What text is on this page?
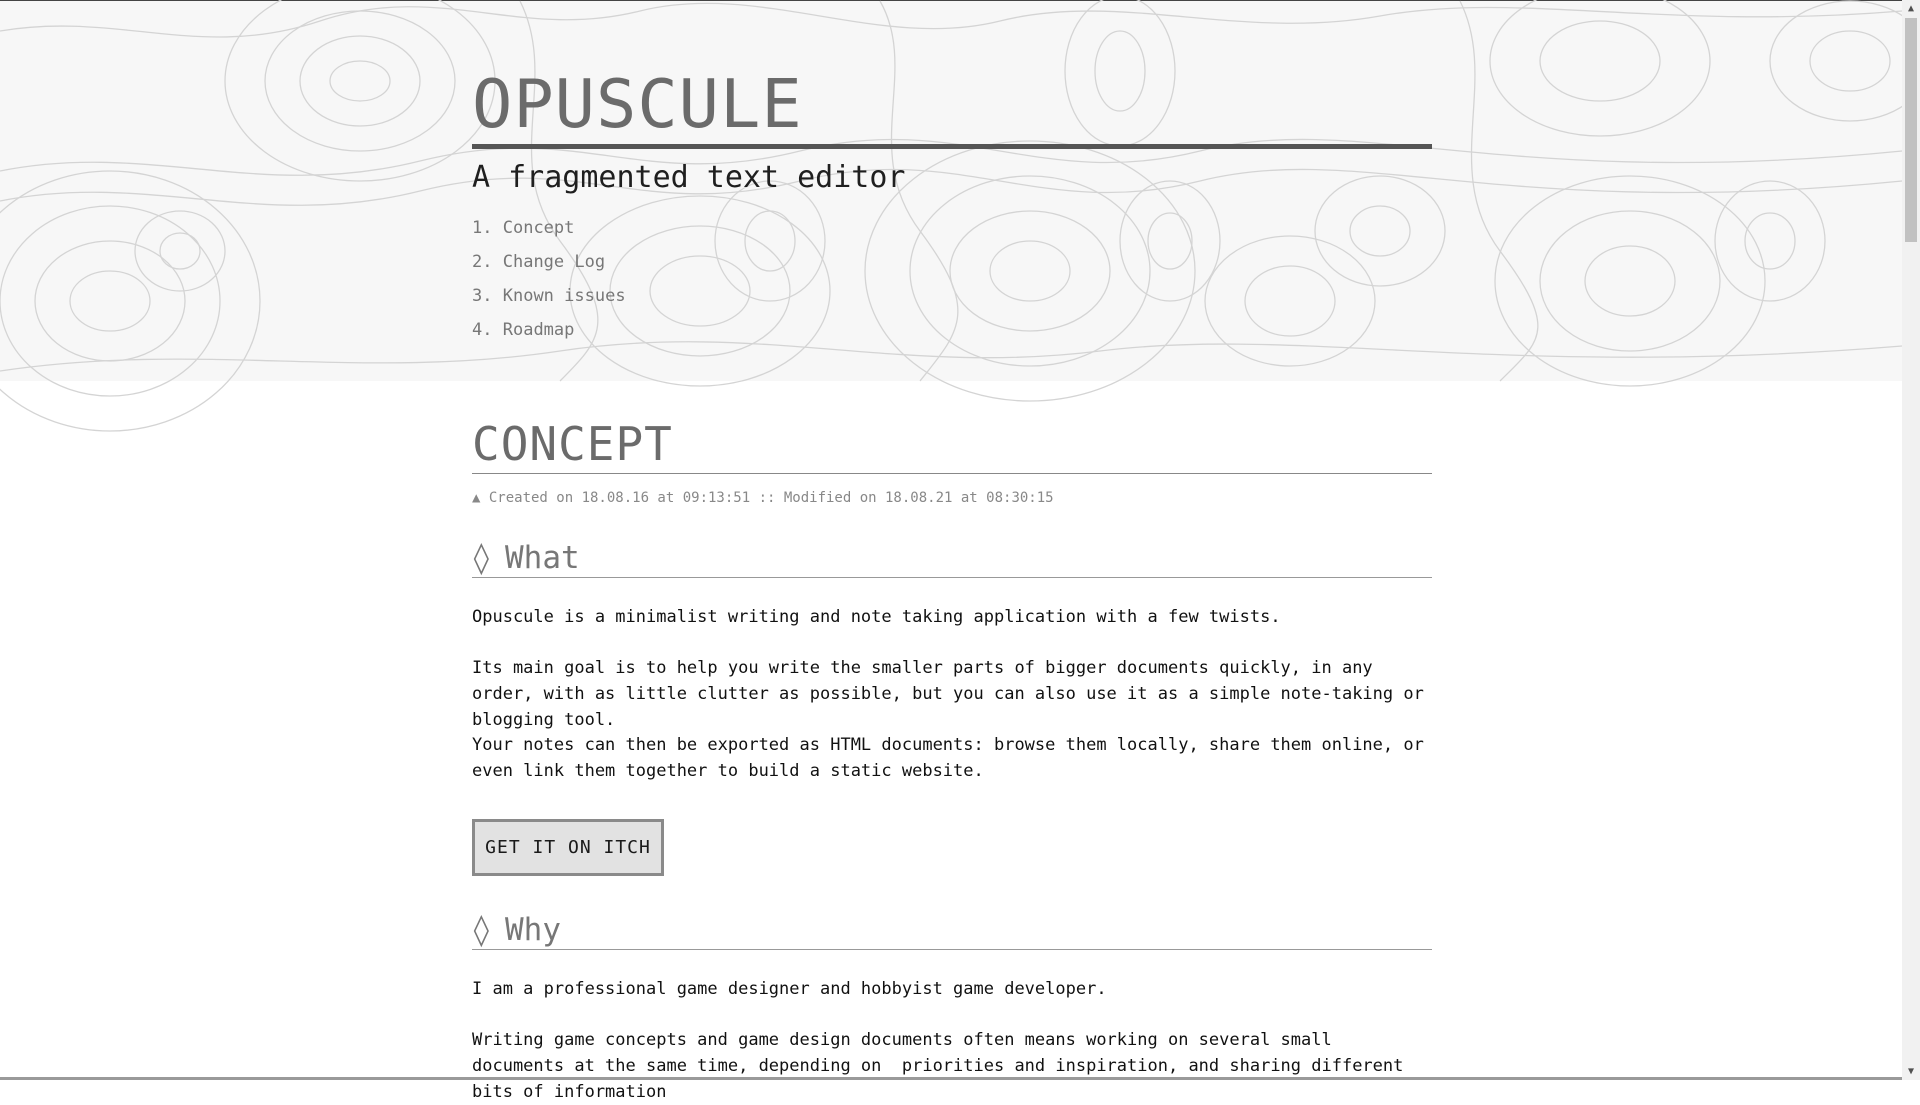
OPUSCULE
A fragmented text editor
1. Concept
2. Change Log
3. Known issues
4. Roadmap
CONCEPT
▲ Created on 18.08.16 at 09:13:51 :: Modified on 18.08.21 at 08:30:15
◊ What

Opuscule is a minimalist writing and note taking application with a few twists.

Its main goal is to help you write the smaller parts of bigger documents quickly, in any order, with as little clutter as possible, but you can also use it as a simple note-taking or blogging tool.

Your notes can then be exported as HTML documents: browse them locally, share them online, or even link them together to build a static website.

GET IT ON ITCH
◊ Why

I am a professional game designer and hobbyist game developer.

Writing game concepts and game design documents often means working on several small documents at the same time, depending on  priorities and inspiration, and sharing different bits of information

▲
▼
